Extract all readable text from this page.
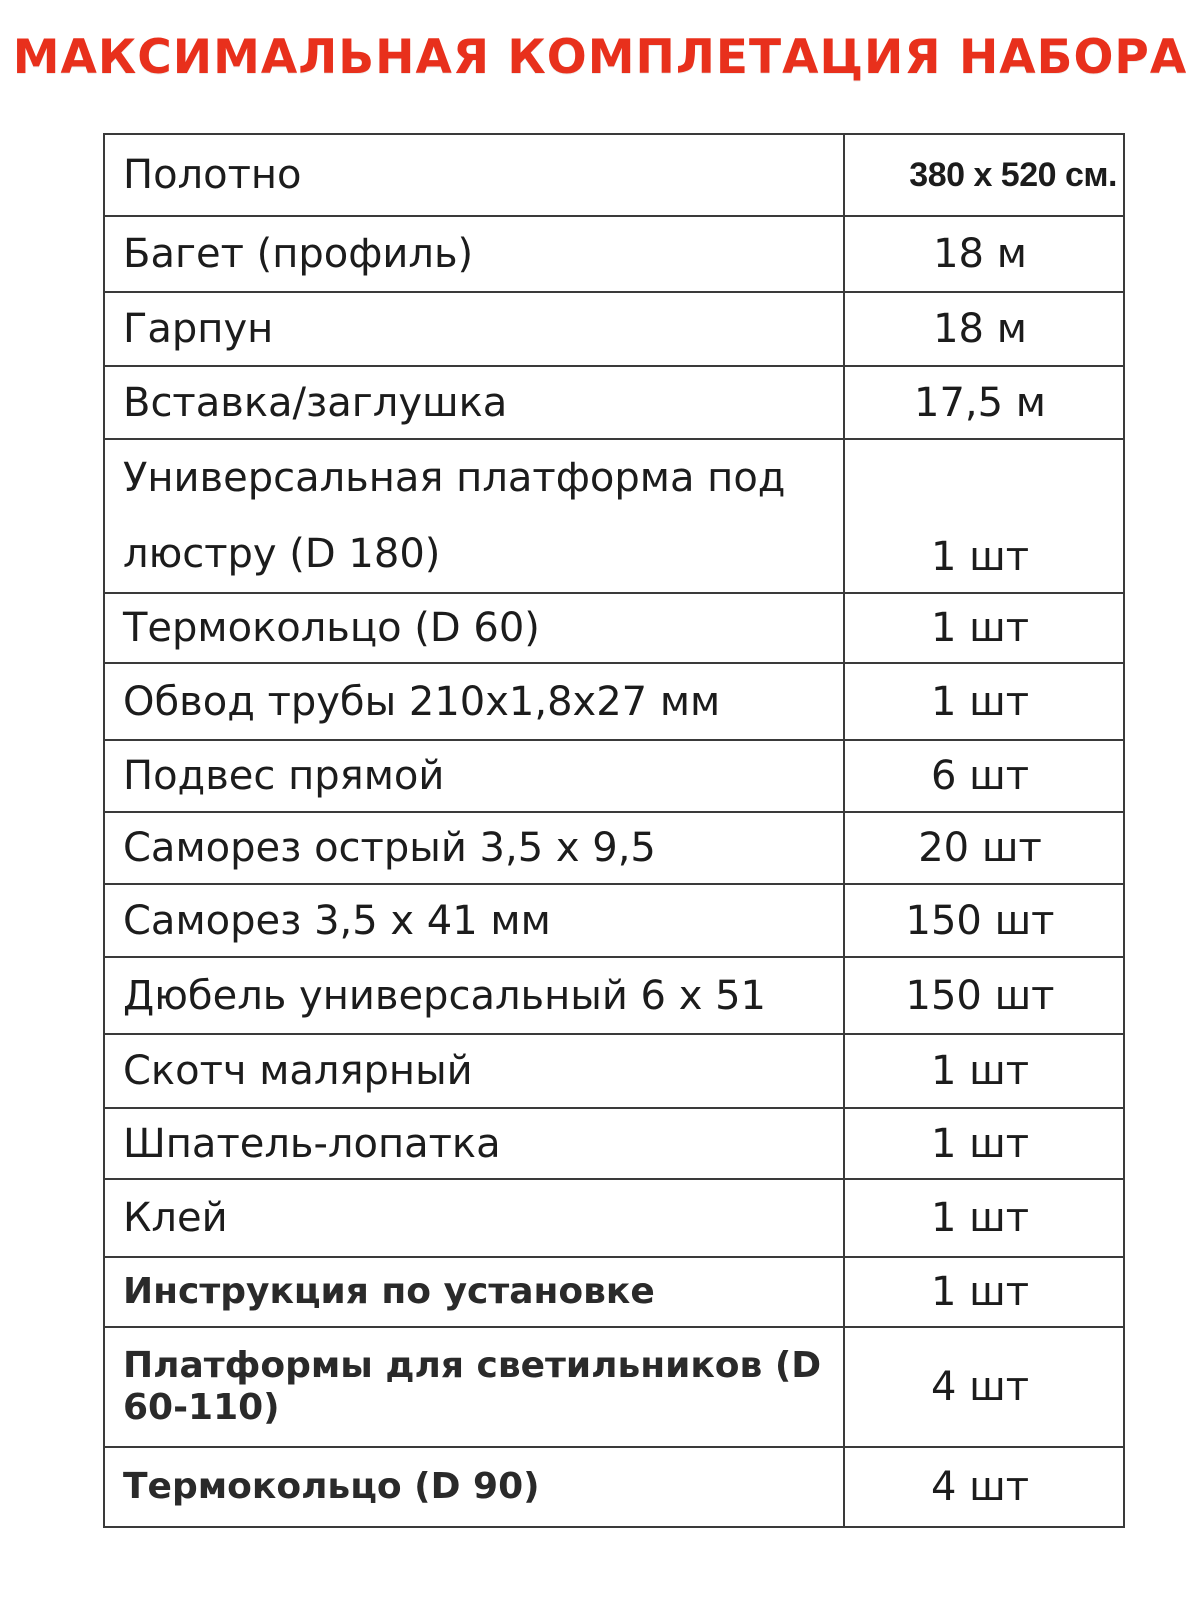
МАКСИМАЛЬНАЯ КОМПЛЕТАЦИЯ НАБОРА
Полотно	380 x 520 см.
Багет (профиль)	18 м
Гарпун	18 м
Вставка/заглушка	17,5 м
Универсальная платформа под люстру (D 180)	1 шт
Термокольцо (D 60)	1 шт
Обвод трубы 210x1,8x27 мм	1 шт
Подвес прямой	6 шт
Саморез острый 3,5 x 9,5	20 шт
Саморез 3,5 x 41 мм	150 шт
Дюбель универсальный 6 x 51	150 шт
Скотч малярный	1 шт
Шпатель-лопатка	1 шт
Клей	1 шт
Инструкция по установке	1 шт
Платформы для светильников (D 60-110)	4 шт
Термокольцо (D 90)	4 шт
